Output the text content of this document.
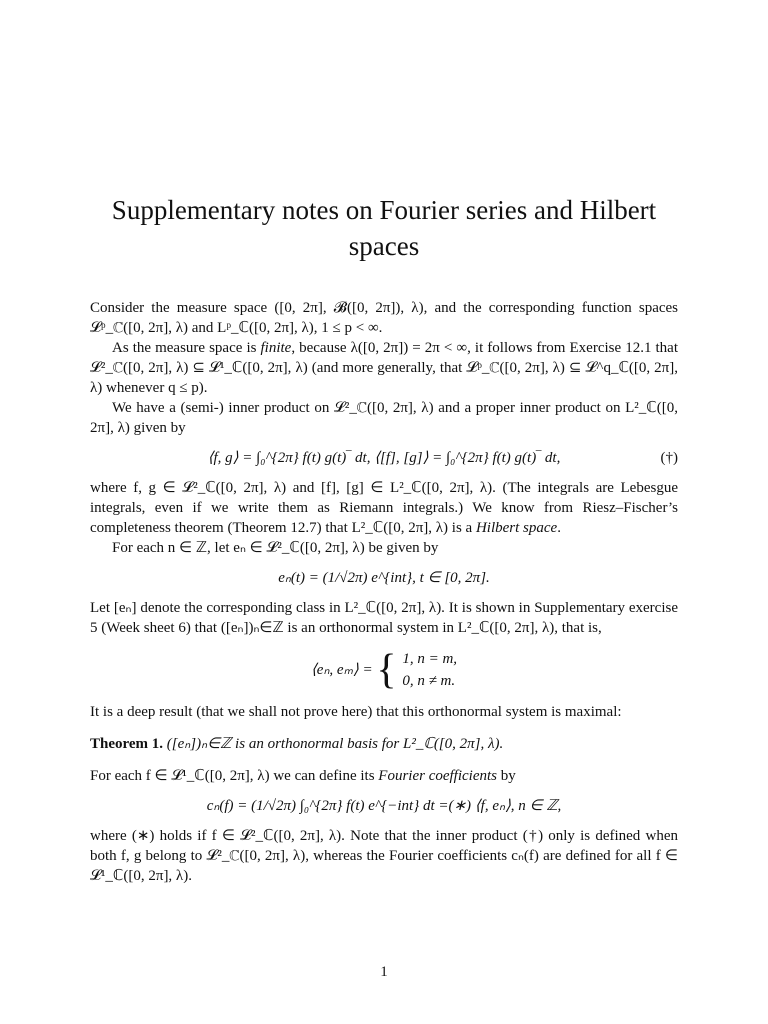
Supplementary notes on Fourier series and Hilbert spaces

Consider the measure space ([0, 2π], 𝓑([0, 2π]), λ), and the corresponding function spaces 𝓛ᵖ_ℂ([0, 2π], λ) and Lᵖ_ℂ([0, 2π], λ), 1 ≤ p < ∞.

As the measure space is finite, because λ([0, 2π]) = 2π < ∞, it follows from Exercise 12.1 that 𝓛²_ℂ([0, 2π], λ) ⊆ 𝓛¹_ℂ([0, 2π], λ) (and more generally, that 𝓛ᵖ_ℂ([0, 2π], λ) ⊆ 𝓛^q_ℂ([0, 2π], λ) whenever q ≤ p).

We have a (semi-) inner product on 𝓛²_ℂ([0, 2π], λ) and a proper inner product on L²_ℂ([0, 2π], λ) given by

⟨f, g⟩ = ∫₀^{2π} f(t) g(t)‾ dt, ⟨[f], [g]⟩ = ∫₀^{2π} f(t) g(t)‾ dt,	(†)

where f, g ∈ 𝓛²_ℂ([0, 2π], λ) and [f], [g] ∈ L²_ℂ([0, 2π], λ). (The integrals are Lebesgue integrals, even if we write them as Riemann integrals.) We know from Riesz–Fischer’s completeness theorem (Theorem 12.7) that L²_ℂ([0, 2π], λ) is a Hilbert space.

For each n ∈ ℤ, let eₙ ∈ 𝓛²_ℂ([0, 2π], λ) be given by

eₙ(t) = (1/√2π) e^{int}, t ∈ [0, 2π].

Let [eₙ] denote the corresponding class in L²_ℂ([0, 2π], λ). It is shown in Supplementary exercise 5 (Week sheet 6) that ([eₙ])ₙ∈ℤ is an orthonormal system in L²_ℂ([0, 2π], λ), that is,

⟨eₙ, eₘ⟩ = { 1, n = m,
0, n ≠ m.

It is a deep result (that we shall not prove here) that this orthonormal system is maximal:

Theorem 1. ([eₙ])ₙ∈ℤ is an orthonormal basis for L²_ℂ([0, 2π], λ).

For each f ∈ 𝓛¹_ℂ([0, 2π], λ) we can define its Fourier coefficients by

cₙ(f) = (1/√2π) ∫₀^{2π} f(t) e^{−int} dt =(∗) ⟨f, eₙ⟩, n ∈ ℤ,

where (∗) holds if f ∈ 𝓛²_ℂ([0, 2π], λ). Note that the inner product (†) only is defined when both f, g belong to 𝓛²_ℂ([0, 2π], λ), whereas the Fourier coefficients cₙ(f) are defined for all f ∈ 𝓛¹_ℂ([0, 2π], λ).

1
